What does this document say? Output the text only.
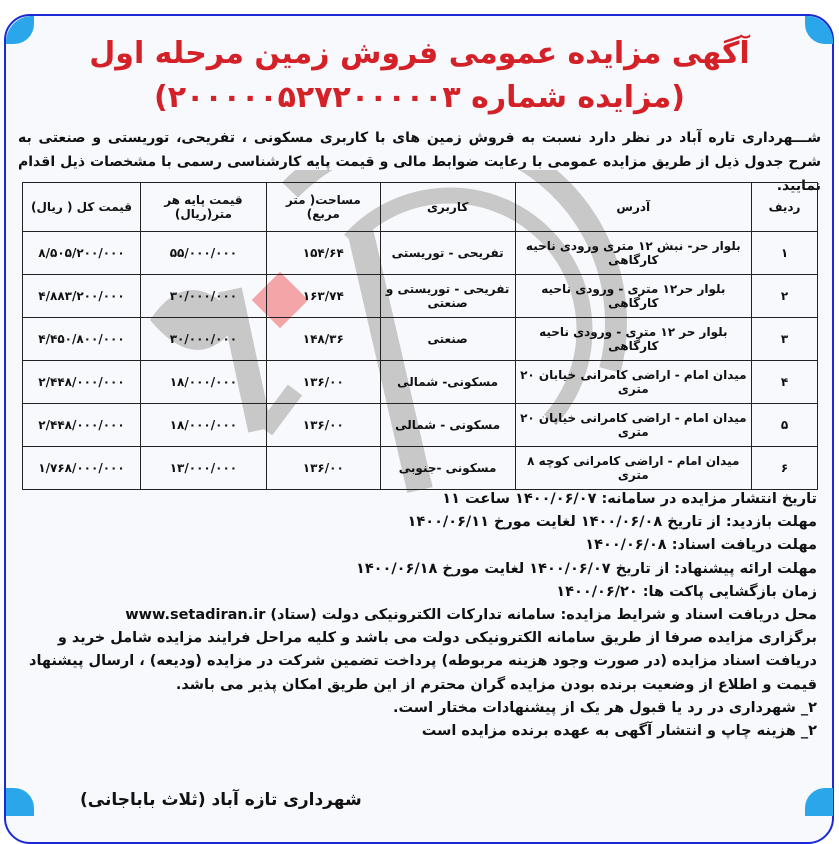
آگهی مزایده عمومی فروش زمین مرحله اول
(مزایده شماره ۲۰۰۰۰۰۵۲۷۲۰۰۰۰۰۳)
شـــهرداری تاره آباد در نظر دارد نسبت به فروش زمین های با کاربری مسکونی ، تفریحی، توریستی و صنعتی به شرح جدول ذیل از طریق مزایده عمومی با رعایت ضوابط مالی و قیمت پایه کارشناسی رسمی با مشخصات ذیل اقدام نمایید.
ردیف	آدرس	کاربری	مساحت( متر مربع)	قیمت پایه هر متر(ریال)	قیمت کل ( ریال)
۱	بلوار حر- نبش ۱۲ متری ورودی ناحیه کارگاهی	تفریحی - توریستی	۱۵۴/۶۴	۵۵/۰۰۰/۰۰۰	۸/۵۰۵/۲۰۰/۰۰۰
۲	بلوار حر۱۲ متری - ورودی ناحیه کارگاهی	تفریحی - توریستی و صنعتی	۱۶۳/۷۴	۳۰/۰۰۰/۰۰۰	۴/۸۸۳/۲۰۰/۰۰۰
۳	بلوار حر ۱۲ متری - ورودی ناحیه کارگاهی	صنعتی	۱۴۸/۳۶	۳۰/۰۰۰/۰۰۰	۴/۴۵۰/۸۰۰/۰۰۰
۴	میدان امام - اراضی کامرانی خیابان ۲۰ متری	مسکونی- شمالی	۱۳۶/۰۰	۱۸/۰۰۰/۰۰۰	۲/۴۴۸/۰۰۰/۰۰۰
۵	میدان امام - اراضی کامرانی خیابان ۲۰ متری	مسکونی - شمالی	۱۳۶/۰۰	۱۸/۰۰۰/۰۰۰	۲/۴۴۸/۰۰۰/۰۰۰
۶	میدان امام - اراضی کامرانی کوچه ۸ متری	مسکونی -جنوبی	۱۳۶/۰۰	۱۳/۰۰۰/۰۰۰	۱/۷۶۸/۰۰۰/۰۰۰

تاریخ انتشار مزایده در سامانه: ۱۴۰۰/۰۶/۰۷ ساعت ۱۱

مهلت بازدید: از تاریخ ۱۴۰۰/۰۶/۰۸ لغایت مورخ ۱۴۰۰/۰۶/۱۱

مهلت دریافت اسناد: ۱۴۰۰/۰۶/۰۸

مهلت ارائه پیشنهاد: از تاریخ ۱۴۰۰/۰۶/۰۷ لغایت مورخ ۱۴۰۰/۰۶/۱۸

زمان بازگشایی پاکت ها: ۱۴۰۰/۰۶/۲۰

محل دریافت اسناد و شرایط مزایده: سامانه تدارکات الکترونیکی دولت (ستاد) www.setadiran.ir

برگزاری مزایده صرفا از طریق سامانه الکترونیکی دولت می باشد و کلیه مراحل فرایند مزایده شامل خرید و دریافت اسناد مزایده (در صورت وجود هزینه مربوطه) پرداخت تضمین شرکت در مزایده (ودیعه) ، ارسال پیشنهاد قیمت و اطلاع از وضعیت برنده بودن مزایده گران محترم از این طریق امکان پذیر می باشد.

۲_ شهرداری در رد یا قبول هر یک از پیشنهادات مختار است.

۲_ هزینه چاپ و انتشار آگهی به عهده برنده مزایده است

شهرداری تازه آباد (ثلاث باباجانی)
